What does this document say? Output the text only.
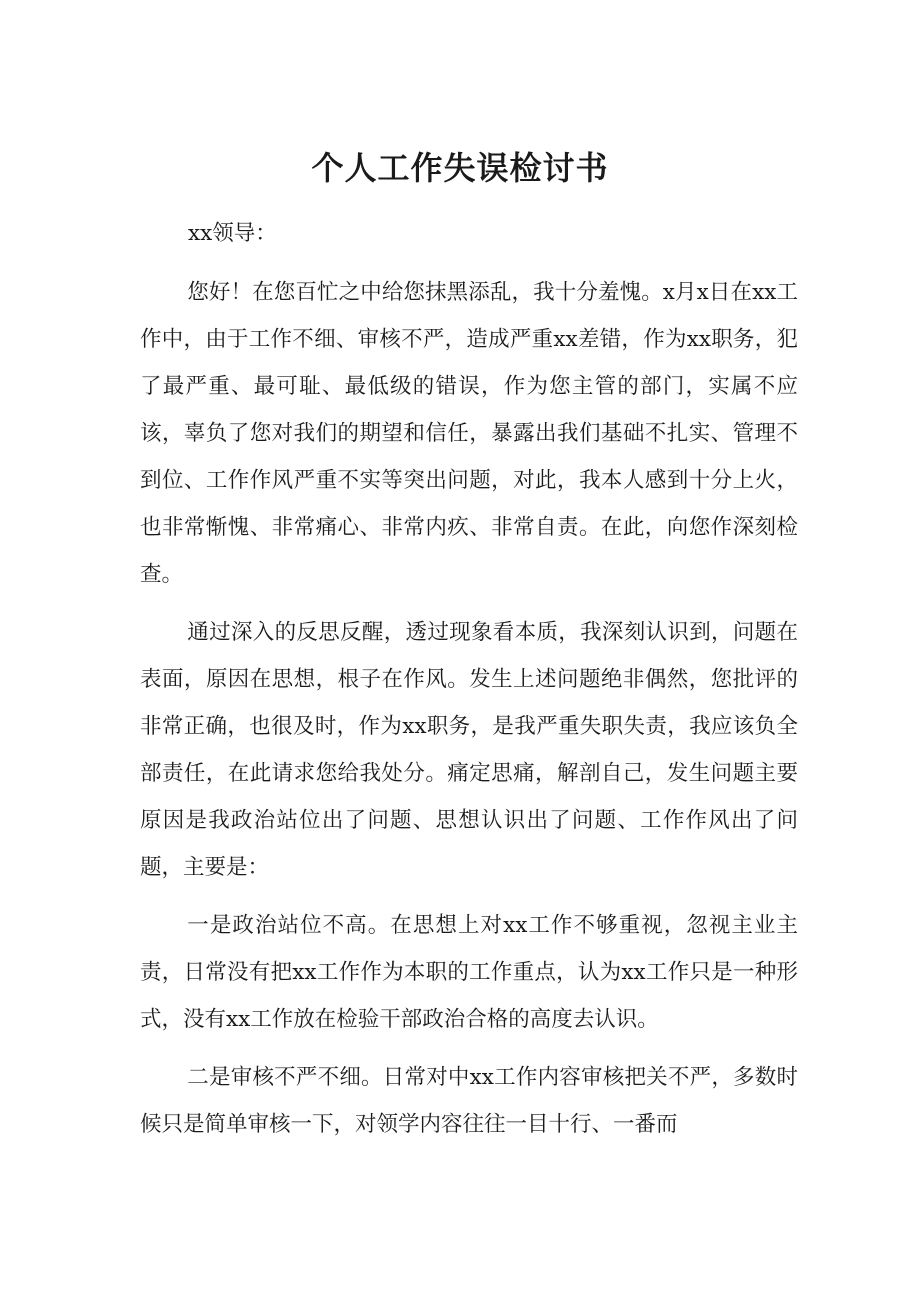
个人工作失误检讨书

xx领导：

您好！在您百忙之中给您抹黑添乱，我十分羞愧。x月x日在xx工作中，由于工作不细、审核不严，造成严重xx差错，作为xx职务，犯了最严重、最可耻、最低级的错误，作为您主管的部门，实属不应该，辜负了您对我们的期望和信任，暴露出我们基础不扎实、管理不到位、工作作风严重不实等突出问题，对此，我本人感到十分上火，也非常惭愧、非常痛心、非常内疚、非常自责。在此，向您作深刻检查。

通过深入的反思反醒，透过现象看本质，我深刻认识到，问题在表面，原因在思想，根子在作风。发生上述问题绝非偶然，您批评的非常正确，也很及时，作为xx职务，是我严重失职失责，我应该负全部责任，在此请求您给我处分。痛定思痛，解剖自己，发生问题主要原因是我政治站位出了问题、思想认识出了问题、工作作风出了问题，主要是：

一是政治站位不高。在思想上对xx工作不够重视，忽视主业主责，日常没有把xx工作作为本职的工作重点，认为xx工作只是一种形式，没有xx工作放在检验干部政治合格的高度去认识。

二是审核不严不细。日常对中xx工作内容审核把关不严，多数时候只是简单审核一下，对领学内容往往一目十行、一番而
